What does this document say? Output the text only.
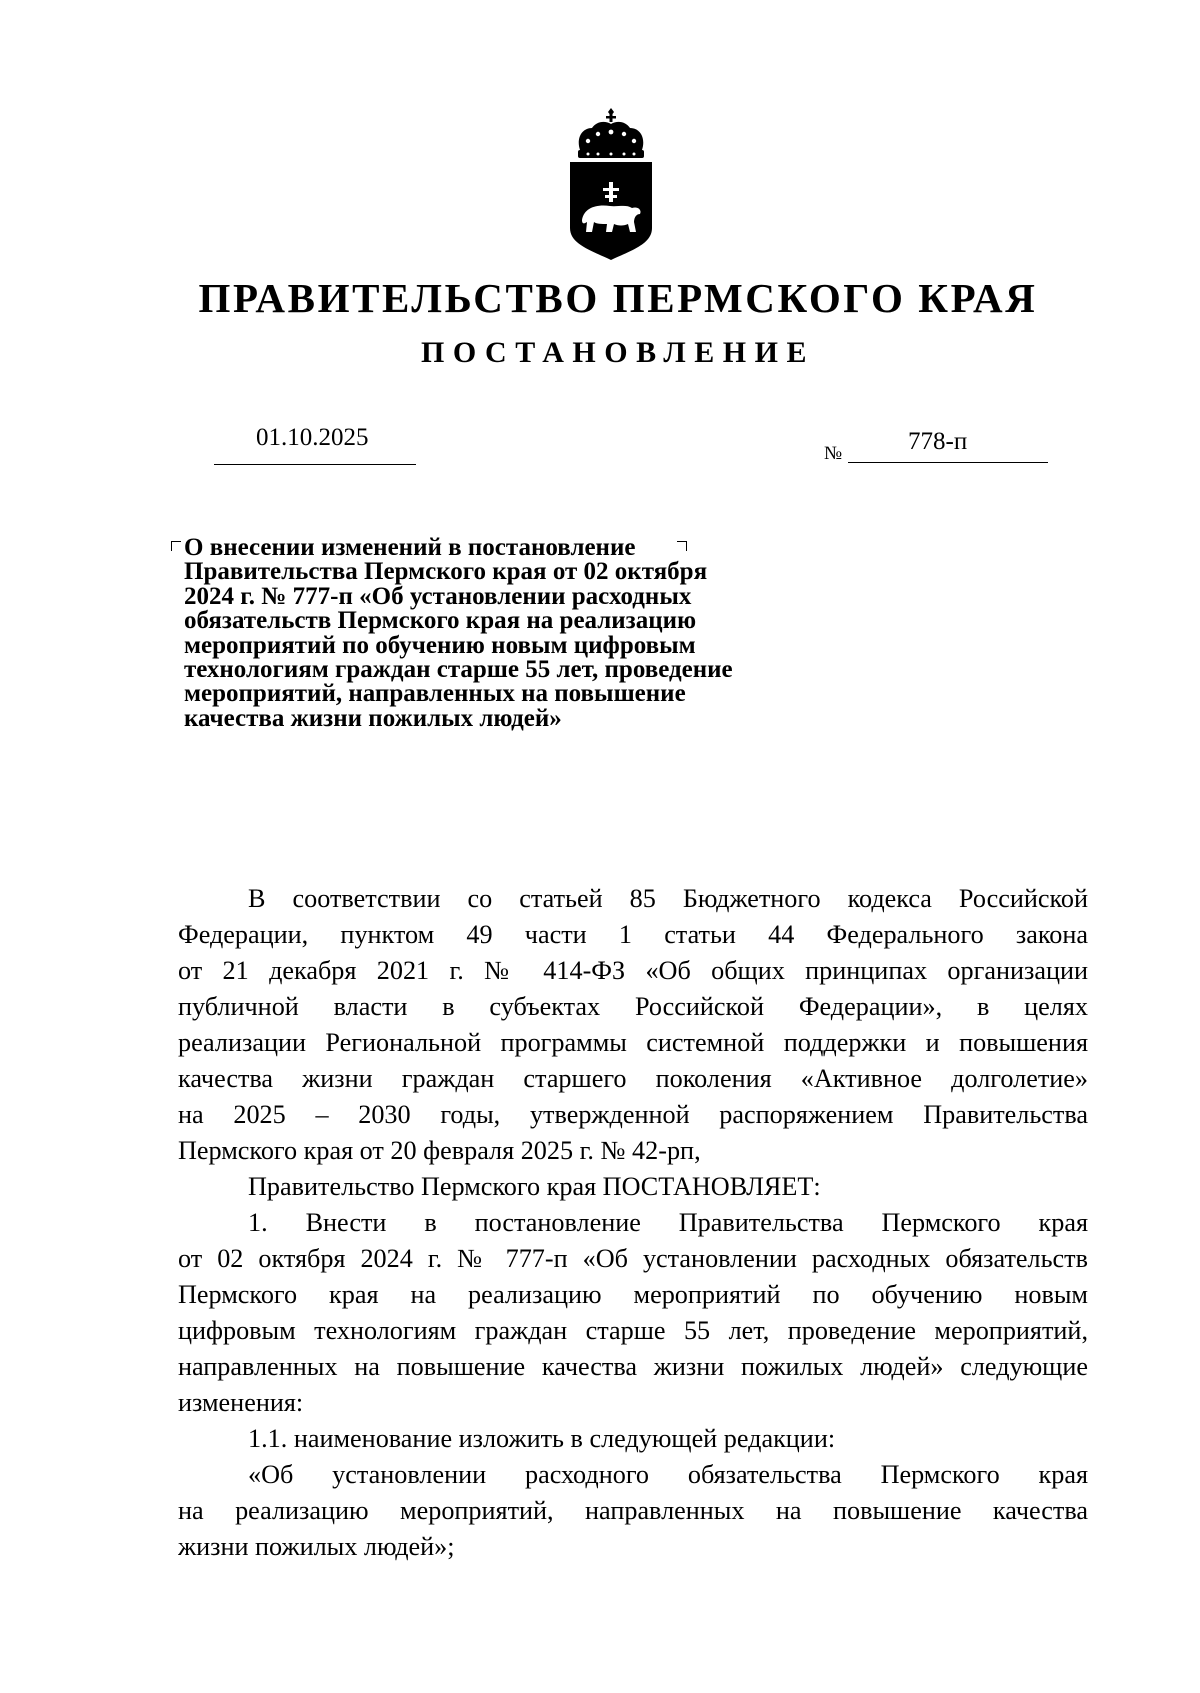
ПРАВИТЕЛЬСТВО ПЕРМСКОГО КРАЯ
ПОСТАНОВЛЕНИЕ
01.10.2025
№	778-п
О внесении изменений в постановление
Правительства Пермского края от 02 октября
2024 г. № 777-п «Об установлении расходных
обязательств Пермского края на реализацию
мероприятий по обучению новым цифровым
технологиям граждан старше 55 лет, проведение
мероприятий, направленных на повышение
качества жизни пожилых людей»
В соответствии со статьей 85 Бюджетного кодекса Российской
Федерации, пунктом 49 части 1 статьи 44 Федерального закона
от 21 декабря 2021 г. № 414-ФЗ «Об общих принципах организации
публичной власти в субъектах Российской Федерации», в целях
реализации Региональной программы системной поддержки и повышения
качества жизни граждан старшего поколения «Активное долголетие»
на 2025 – 2030 годы, утвержденной распоряжением Правительства
Пермского края от 20 февраля 2025 г. № 42-рп,
Правительство Пермского края ПОСТАНОВЛЯЕТ:
1. Внести в постановление Правительства Пермского края
от 02 октября 2024 г. № 777-п «Об установлении расходных обязательств
Пермского края на реализацию мероприятий по обучению новым
цифровым технологиям граждан старше 55 лет, проведение мероприятий,
направленных на повышение качества жизни пожилых людей» следующие
изменения:
1.1. наименование изложить в следующей редакции:
«Об установлении расходного обязательства Пермского края
на реализацию мероприятий, направленных на повышение качества
жизни пожилых людей»;
